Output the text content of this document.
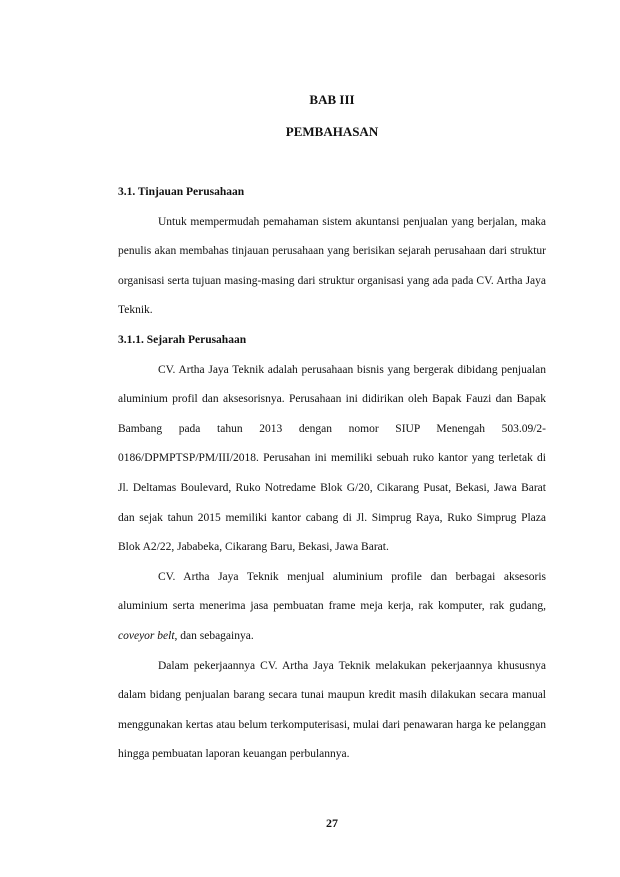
BAB III
PEMBAHASAN

3.1. Tinjauan Perusahaan

Untuk mempermudah pemahaman sistem akuntansi penjualan yang berjalan, maka penulis akan membahas tinjauan perusahaan yang berisikan sejarah perusahaan dari struktur organisasi serta tujuan masing-masing dari struktur organisasi yang ada pada CV. Artha Jaya Teknik.

3.1.1. Sejarah Perusahaan

CV. Artha Jaya Teknik adalah perusahaan bisnis yang bergerak dibidang penjualan aluminium profil dan aksesorisnya. Perusahaan ini didirikan oleh Bapak Fauzi dan Bapak Bambang pada tahun 2013 dengan nomor SIUP Menengah 503.09/2-0186/DPMPTSP/PM/III/2018. Perusahan ini memiliki sebuah ruko kantor yang terletak di Jl. Deltamas Boulevard, Ruko Notredame Blok G/20, Cikarang Pusat, Bekasi, Jawa Barat dan sejak tahun 2015 memiliki kantor cabang di Jl. Simprug Raya, Ruko Simprug Plaza Blok A2/22, Jababeka, Cikarang Baru, Bekasi, Jawa Barat.

CV. Artha Jaya Teknik menjual aluminium profile dan berbagai aksesoris aluminium serta menerima jasa pembuatan frame meja kerja, rak komputer, rak gudang, coveyor belt, dan sebagainya.

Dalam pekerjaannya CV. Artha Jaya Teknik melakukan pekerjaannya khususnya dalam bidang penjualan barang secara tunai maupun kredit masih dilakukan secara manual menggunakan kertas atau belum terkomputerisasi, mulai dari penawaran harga ke pelanggan hingga pembuatan laporan keuangan perbulannya.

27
